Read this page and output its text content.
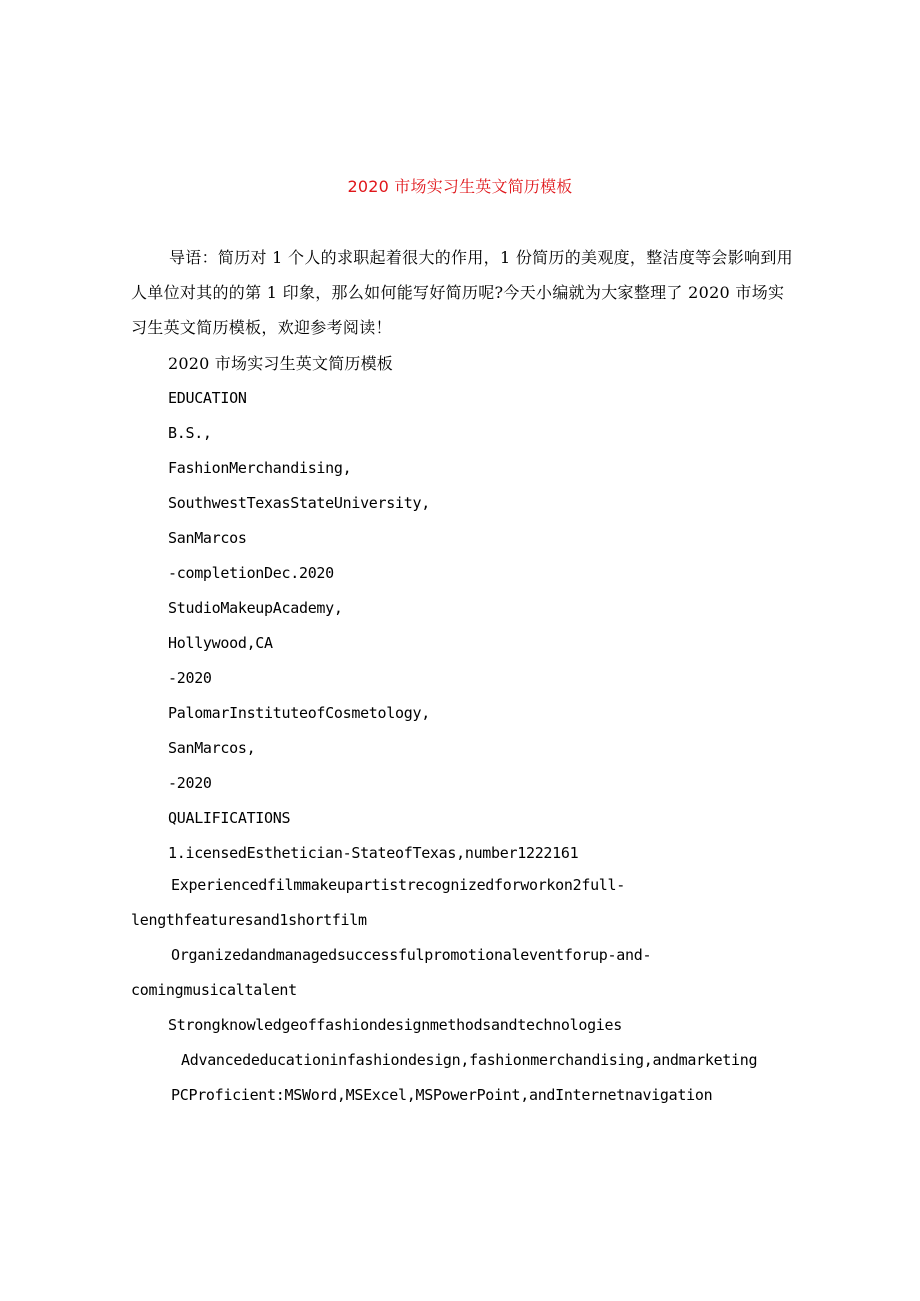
2020 市场实习生英文简历模板

导语：简历对 1 个人的求职起着很大的作用，1 份简历的美观度，整洁度等会影响到用人单位对其的的第 1 印象，那么如何能写好简历呢?今天小编就为大家整理了 2020 市场实习生英文简历模板，欢迎参考阅读！

2020 市场实习生英文简历模板
EDUCATION
B.S.,
FashionMerchandising,
SouthwestTexasStateUniversity,
SanMarcos
-completionDec.2020
StudioMakeupAcademy,
Hollywood,CA
-2020
PalomarInstituteofCosmetology,
SanMarcos,
-2020
QUALIFICATIONS
1.icensedEsthetician-StateofTexas,number1222161
Experiencedfilmmakeupartistrecognizedforworkon2full-
lengthfeaturesand1shortfilm
Organizedandmanagedsuccessfulpromotionaleventforup-and-
comingmusicaltalent
Strongknowledgeoffashiondesignmethodsandtechnologies
Advancededucationinfashiondesign,fashionmerchandising,andmarketing
PCProficient:MSWord,MSExcel,MSPowerPoint,andInternetnavigation
